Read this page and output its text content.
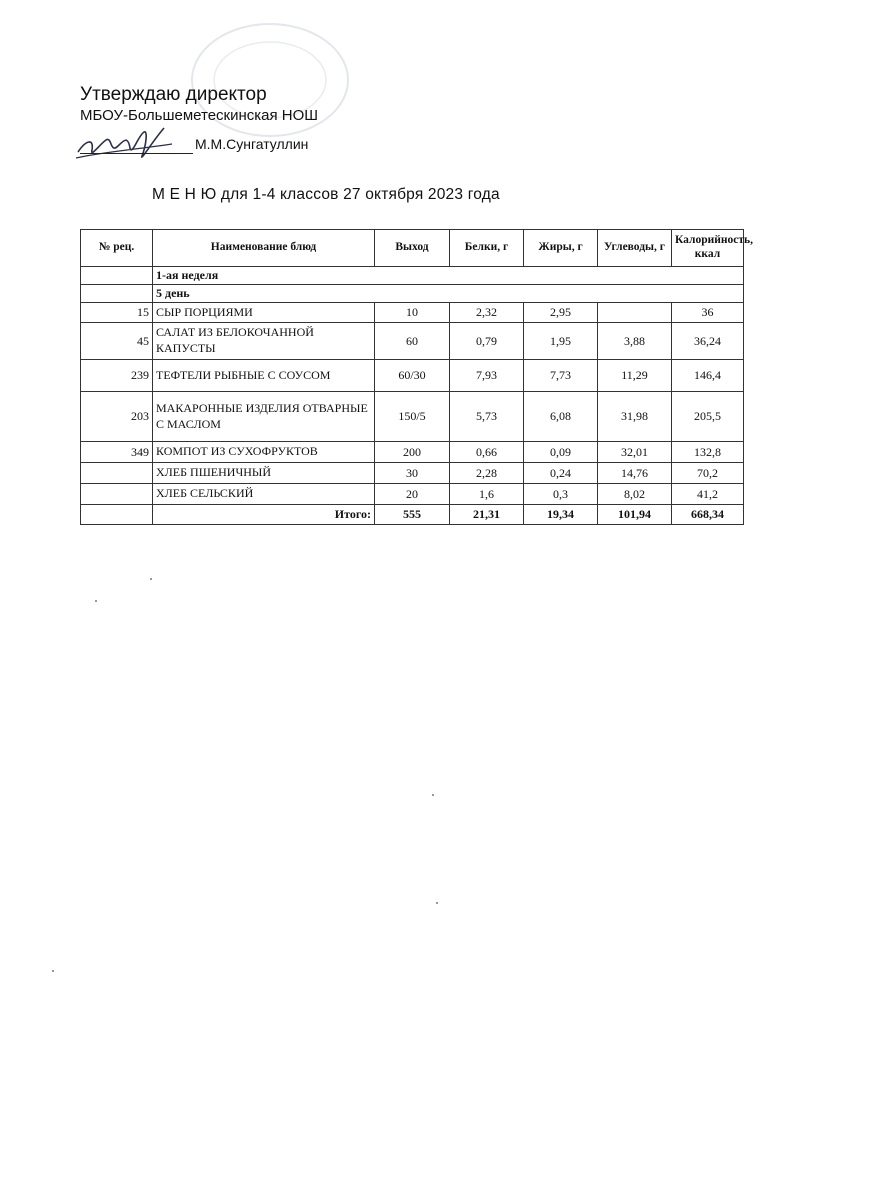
Утверждаю директор
МБОУ-Большеметескинская НОШ
М.М.Сунгатуллин
М Е Н Ю для 1-4 классов 27 октября 2023 года
№ рец.	Наименование блюд	Выход	Белки, г	Жиры, г	Углеводы, г	Калорийность, ккал
	1-ая неделя					
	5 день					
15	СЫР ПОРЦИЯМИ	10	2,32	2,95		36
45	САЛАТ ИЗ БЕЛОКОЧАННОЙ КАПУСТЫ	60	0,79	1,95	3,88	36,24
239	ТЕФТЕЛИ РЫБНЫЕ С СОУСОМ	60/30	7,93	7,73	11,29	146,4
203	МАКАРОННЫЕ ИЗДЕЛИЯ ОТВАРНЫЕ С МАСЛОМ	150/5	5,73	6,08	31,98	205,5
349	КОМПОТ ИЗ СУХОФРУКТОВ	200	0,66	0,09	32,01	132,8
	ХЛЕБ ПШЕНИЧНЫЙ	30	2,28	0,24	14,76	70,2
	ХЛЕБ СЕЛЬСКИЙ	20	1,6	0,3	8,02	41,2
	Итого:	555	21,31	19,34	101,94	668,34
